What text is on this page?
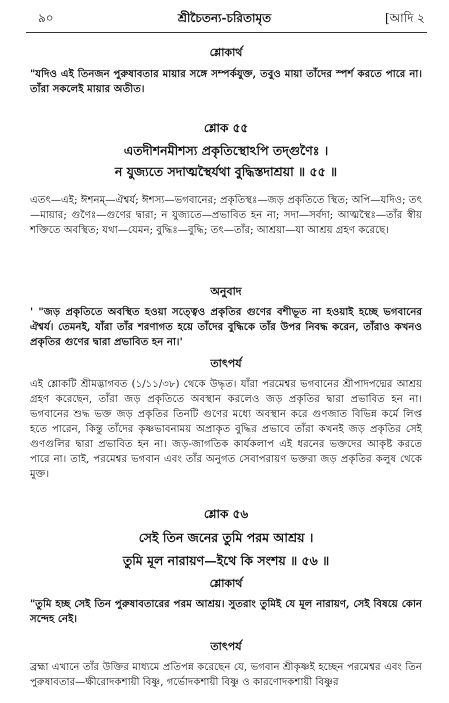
৯০	শ্রীচৈতন্য-চরিতামৃত	[আদি ২
শ্লোকার্থ
"যদিও এই তিনজন পুরুষাবতার মায়ার সঙ্গে সম্পর্কযুক্ত, তবুও মায়া তাঁদের স্পর্শ করতে পারে না। তাঁরা সকলেই মায়ার অতীত।
শ্লোক ৫৫
এতদীশনমীশস্য প্রকৃতিস্থোঽপি তদ্গুণৈঃ ।
ন যুজ্যতে সদাত্মস্থৈর্যথা বুদ্ধিস্তদাশ্রয়া ॥ ৫৫ ॥
এতৎ—এই; ঈশনম্—ঐশ্বর্য; ঈশস্য—ভগবানের; প্রকৃতিস্থঃ—জড় প্রকৃতিতে স্থিত; অপি—যদিও; তৎ—মায়ার; গুণৈঃ—গুণের দ্বারা; ন যুজ্যতে—প্রভাবিত হন না; সদা—সর্বদা; আত্মস্থৈঃ—তাঁর স্বীয় শক্তিতে অবস্থিত; যথা—যেমন; বুদ্ধিঃ—বুদ্ধি; তৎ—তাঁর; আশ্রয়া—যা আশ্রয় গ্রহণ করেছে।
অনুবাদ
' "জড় প্রকৃতিতে অবস্থিত হওয়া সত্ত্বেও প্রকৃতির গুণের বশীভূত না হওয়াই হচ্ছে ভগবানের ঐশ্বর্য। তেমনই, যাঁরা তাঁর শরণাগত হয়ে তাঁদের বুদ্ধিকে তাঁর উপর নিবদ্ধ করেন, তাঁরাও কখনও প্রকৃতির গুণের দ্বারা প্রভাবিত হন না।'
তাৎপর্য
এই শ্লোকটি শ্রীমদ্ভাগবত (১/১১/৩৮) থেকে উদ্ধৃত। যাঁরা পরমেশ্বর ভগবানের শ্রীপাদপদ্মের আশ্রয় গ্রহণ করেছেন, তাঁরা জড় প্রকৃতিতে অবস্থান করলেও জড় প্রকৃতির দ্বারা প্রভাবিত হন না। ভগবানের শুদ্ধ ভক্ত জড় প্রকৃতির তিনটি গুণের মধ্যে অবস্থান করে গুণজাত বিভিন্ন কর্মে লিপ্ত হতে পারেন, কিন্তু তাঁদের কৃষ্ণভাবনাময় অপ্রাকৃত বুদ্ধির প্রভাবে তাঁরা কখনই জড় প্রকৃতির সেই গুণগুলির দ্বারা প্রভাবিত হন না। জড়-জাগতিক কার্যকলাপ এই ধরনের ভক্তদের আকৃষ্ট করতে পারে না। তাই, পরমেশ্বর ভগবান এবং তাঁর অনুগত সেবাপরায়ণ ভক্তরা জড় প্রকৃতির কলুষ থেকে মুক্ত।
শ্লোক ৫৬
সেই তিন জনের তুমি পরম আশ্রয় ।
তুমি মূল নারায়ণ—ইথে কি সংশয় ॥ ৫৬ ॥
শ্লোকার্থ
"তুমি হচ্ছ সেই তিন পুরুষাবতারের পরম আশ্রয়। সুতরাং তুমিই যে মূল নারায়ণ, সেই বিষয়ে কোন সন্দেহ নেই।
তাৎপর্য
ব্রহ্মা এখানে তাঁর উক্তির মাধ্যমে প্রতিপন্ন করেছেন যে, ভগবান শ্রীকৃষ্ণই হচ্ছেন পরমেশ্বর এবং তিন পুরুষাবতার—ক্ষীরোদকশায়ী বিষ্ণু, গর্ভোদকশায়ী বিষ্ণু ও কারণোদকশায়ী বিষ্ণুর
